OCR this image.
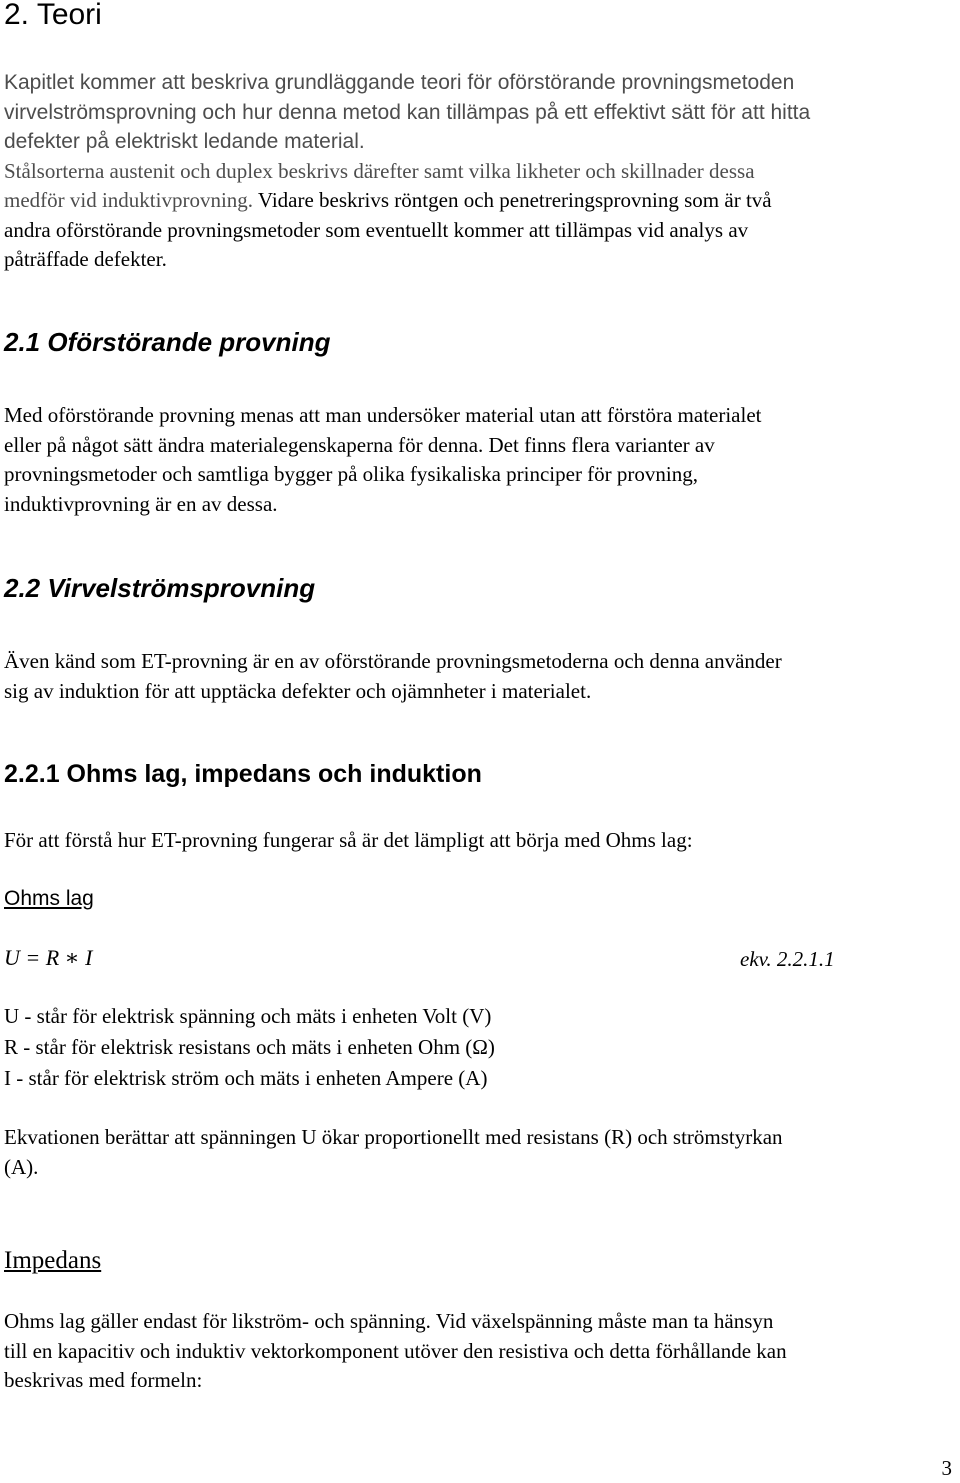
2. Teori
Kapitlet kommer att beskriva grundläggande teori för oförstörande provningsmetoden
virvelströmsprovning och hur denna metod kan tillämpas på ett effektivt sätt för att hitta
defekter på elektriskt ledande material.
Stålsorterna austenit och duplex beskrivs därefter samt vilka likheter och skillnader dessa
medför vid induktivprovning. Vidare beskrivs röntgen och penetreringsprovning som är två
andra oförstörande provningsmetoder som eventuellt kommer att tillämpas vid analys av
påträffade defekter.
2.1 Oförstörande provning
Med oförstörande provning menas att man undersöker material utan att förstöra materialet
eller på något sätt ändra materialegenskaperna för denna. Det finns flera varianter av
provningsmetoder och samtliga bygger på olika fysikaliska principer för provning,
induktivprovning är en av dessa.
2.2 Virvelströmsprovning
Även känd som ET-provning är en av oförstörande provningsmetoderna och denna använder
sig av induktion för att upptäcka defekter och ojämnheter i materialet.
2.2.1 Ohms lag, impedans och induktion
För att förstå hur ET-provning fungerar så är det lämpligt att börja med Ohms lag:
Ohms lag
U = R ∗ I	ekv. 2.2.1.1
U - står för elektrisk spänning och mäts i enheten Volt (V)
R - står för elektrisk resistans och mäts i enheten Ohm (Ω)
I - står för elektrisk ström och mäts i enheten Ampere (A)
Ekvationen berättar att spänningen U ökar proportionellt med resistans (R) och strömstyrkan
(A).
Impedans
Ohms lag gäller endast för likström- och spänning. Vid växelspänning måste man ta hänsyn
till en kapacitiv och induktiv vektorkomponent utöver den resistiva och detta förhållande kan
beskrivas med formeln:
3
